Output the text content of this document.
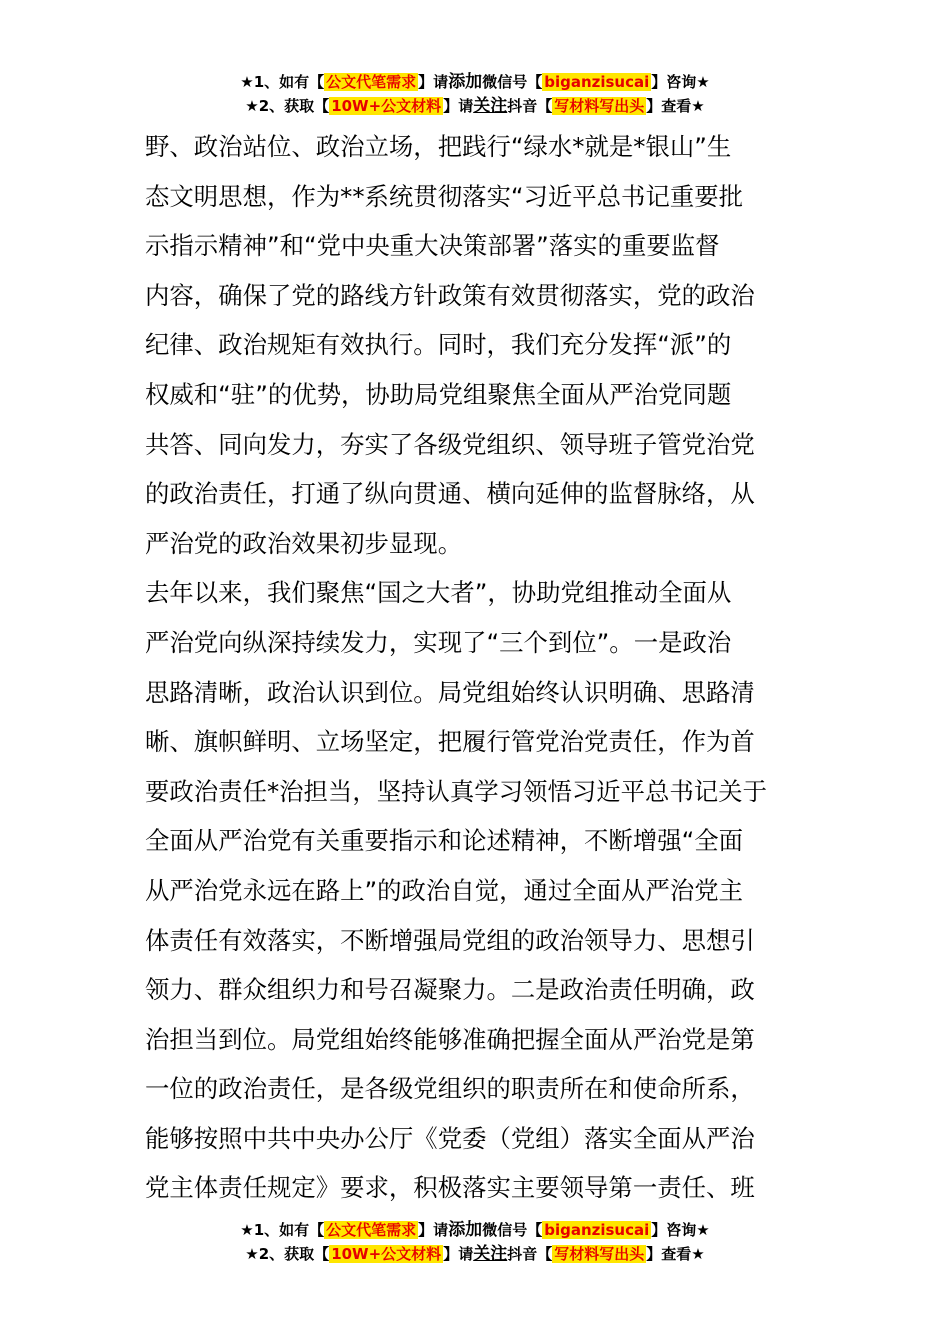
★1、如有【 公文代笔需求 】请添加微信号【 biganzisucai 】咨询★
★2、获取【 10W+公文材料 】请关注抖音【 写材料写出头 】查看★
野、政治站位、政治立场，把践行“绿水*就是*银山”生
态文明思想，作为**系统贯彻落实“习近平总书记重要批
示指示精神”和“党中央重大决策部署”落实的重要监督
内容，确保了党的路线方针政策有效贯彻落实，党的政治
纪律、政治规矩有效执行。同时，我们充分发挥“派”的
权威和“驻”的优势，协助局党组聚焦全面从严治党同题
共答、同向发力，夯实了各级党组织、领导班子管党治党
的政治责任，打通了纵向贯通、横向延伸的监督脉络，从
严治党的政治效果初步显现。
去年以来，我们聚焦“国之大者”，协助党组推动全面从
严治党向纵深持续发力，实现了“三个到位”。一是政治
思路清晰，政治认识到位。局党组始终认识明确、思路清
晰、旗帜鲜明、立场坚定，把履行管党治党责任，作为首
要政治责任*治担当，坚持认真学习领悟习近平总书记关于
全面从严治党有关重要指示和论述精神，不断增强“全面
从严治党永远在路上”的政治自觉，通过全面从严治党主
体责任有效落实，不断增强局党组的政治领导力、思想引
领力、群众组织力和号召凝聚力。二是政治责任明确，政
治担当到位。局党组始终能够准确把握全面从严治党是第
一位的政治责任，是各级党组织的职责所在和使命所系，
能够按照中共中央办公厅《党委（党组）落实全面从严治
党主体责任规定》要求，积极落实主要领导第一责任、班
★1、如有【 公文代笔需求 】请添加微信号【 biganzisucai 】咨询★
★2、获取【 10W+公文材料 】请关注抖音【 写材料写出头 】查看★
